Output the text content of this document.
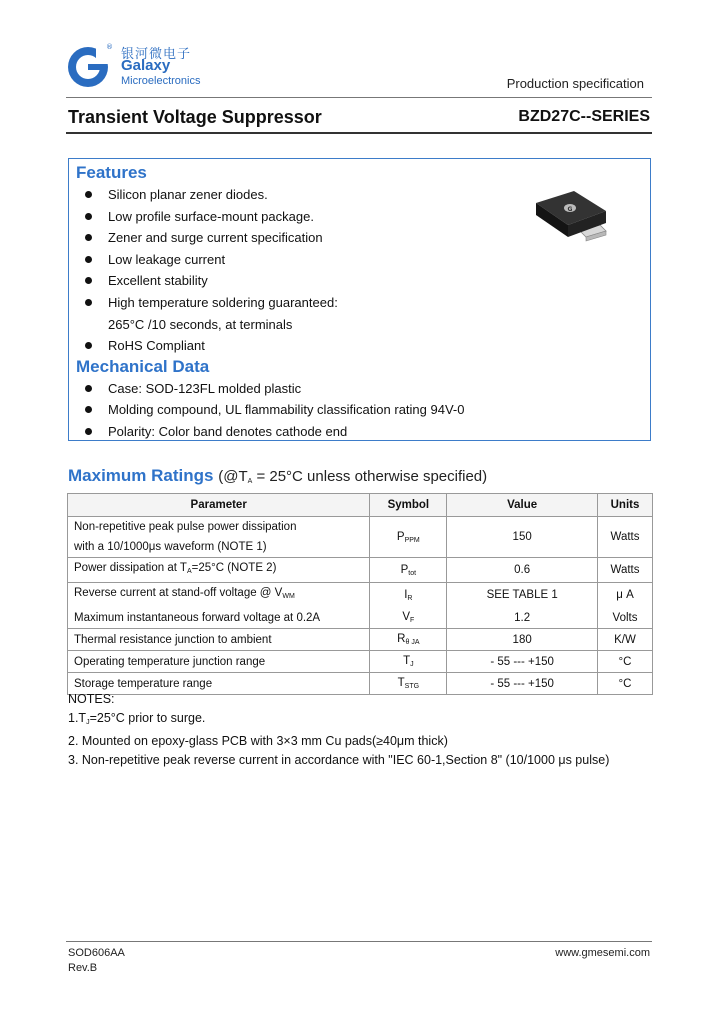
® 银河微电子
Galaxy
Microelectronics	Production specification
Transient Voltage Suppressor	BZD27C--SERIES
Features
Silicon planar zener diodes.
Low profile surface-mount package.
Zener and surge current specification
Low leakage current
Excellent stability
High temperature soldering guaranteed:
265°C /10 seconds, at terminals
RoHS Compliant
Mechanical Data
Case: SOD-123FL molded plastic
Molding compound, UL flammability classification rating 94V-0
Polarity: Color band denotes cathode end
G
Maximum Ratings ($@T_A = 25^\circ C$ unless otherwise specified)
Parameter	Symbol	Value	Units

Non-repetitive peak pulse power dissipation
with a 10/1000μs waveform (NOTE 1)	$P_{PPM}$	150	Watts
Power dissipation at $T_A=25^\circ C$ (NOTE 2)	$P_{tot}$	0.6	Watts
Reverse current at stand-off voltage @ $V_{WM}$	$I_R$	SEE TABLE 1	μ A
Maximum instantaneous forward voltage at 0.2A	$V_F$	1.2	Volts
Thermal resistance junction to ambient	$R_{\theta JA}$	180	K/W
Operating temperature junction range	$T_J$	- 55 --- +150	°C
Storage temperature range	$T_{STG}$	- 55 --- +150	°C
NOTES:
$1.T_J=25^\circ C$ prior to surge.
2. Mounted on epoxy-glass PCB with 3×3 mm Cu pads(≥40μm thick)
3. Non-repetitive peak reverse current in accordance with "IEC 60-1,Section 8" (10/1000 μs pulse)
SOD606AA
Rev.B
www.gmesemi.com
